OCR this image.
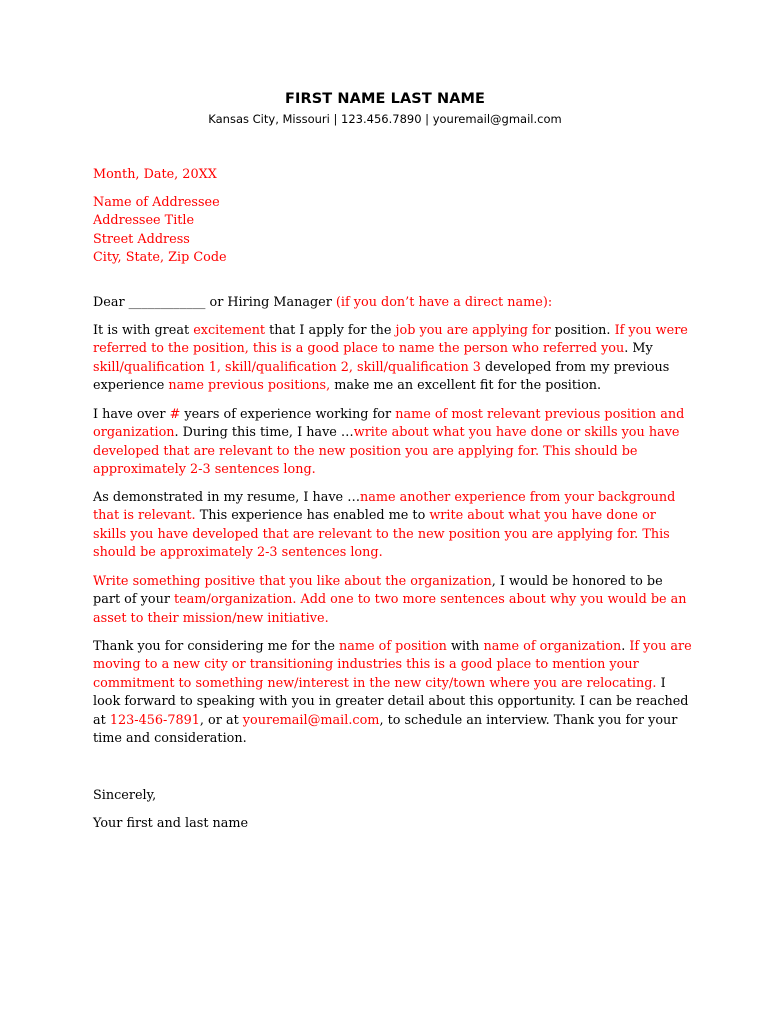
FIRST NAME LAST NAME
Kansas City, Missouri | 123.456.7890 | youremail@gmail.com
Month, Date, 20XX

Name of Addressee

Addressee Title

Street Address

City, State, Zip Code

Dear ____________ or Hiring Manager (if you don’t have a direct name):
It is with great excitement that I apply for the job you are applying for position. If you were referred to the position, this is a good place to name the person who referred you. My skill/qualification 1, skill/qualification 2, skill/qualification 3 developed from my previous experience name previous positions, make me an excellent fit for the position.
I have over # years of experience working for name of most relevant previous position and organization. During this time, I have …write about what you have done or skills you have developed that are relevant to the new position you are applying for. This should be approximately 2-3 sentences long.
As demonstrated in my resume, I have …name another experience from your background that is relevant. This experience has enabled me to write about what you have done or skills you have developed that are relevant to the new position you are applying for. This should be approximately 2-3 sentences long.
Write something positive that you like about the organization, I would be honored to be part of your team/organization. Add one to two more sentences about why you would be an asset to their mission/new initiative.
Thank you for considering me for the name of position with name of organization. If you are moving to a new city or transitioning industries this is a good place to mention your commitment to something new/interest in the new city/town where you are relocating. I look forward to speaking with you in greater detail about this opportunity. I can be reached at 123-456-7891, or at youremail@mail.com, to schedule an interview. Thank you for your time and consideration.
Sincerely,
Your first and last name
